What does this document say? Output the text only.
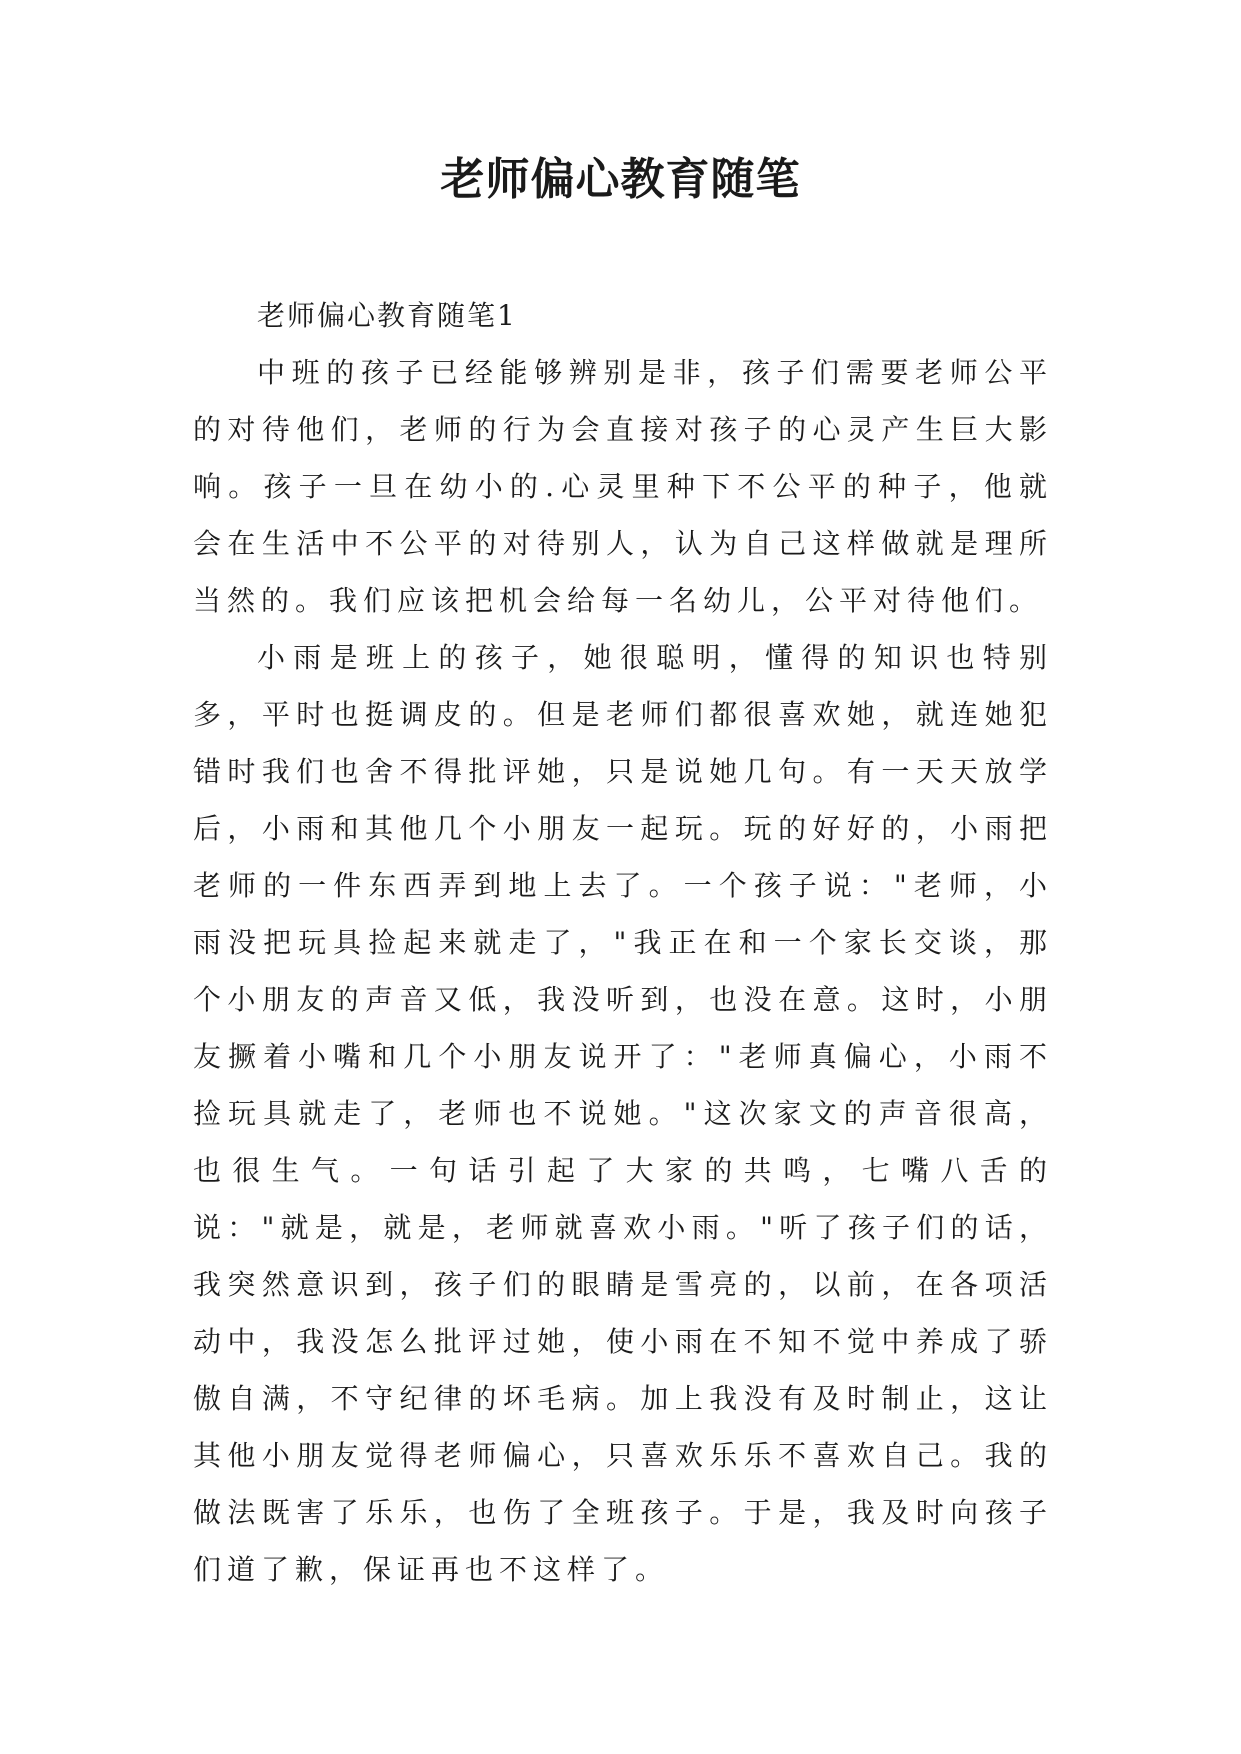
老师偏心教育随笔

老师偏心教育随笔1

中班的孩子已经能够辨别是非，孩子们需要老师公平的对待他们，老师的行为会直接对孩子的心灵产生巨大影响。孩子一旦在幼小的.心灵里种下不公平的种子，他就会在生活中不公平的对待别人，认为自己这样做就是理所当然的。我们应该把机会给每一名幼儿，公平对待他们。

小雨是班上的孩子，她很聪明，懂得的知识也特别多，平时也挺调皮的。但是老师们都很喜欢她，就连她犯错时我们也舍不得批评她，只是说她几句。有一天天放学后，小雨和其他几个小朋友一起玩。玩的好好的，小雨把老师的一件东西弄到地上去了。一个孩子说："老师，小雨没把玩具捡起来就走了，"我正在和一个家长交谈，那个小朋友的声音又低，我没听到，也没在意。这时，小朋友撅着小嘴和几个小朋友说开了："老师真偏心，小雨不捡玩具就走了，老师也不说她。"这次家文的声音很高，也很生气。一句话引起了大家的共鸣，七嘴八舌的说："就是，就是，老师就喜欢小雨。"听了孩子们的话，我突然意识到，孩子们的眼睛是雪亮的，以前，在各项活动中，我没怎么批评过她，使小雨在不知不觉中养成了骄傲自满，不守纪律的坏毛病。加上我没有及时制止，这让其他小朋友觉得老师偏心，只喜欢乐乐不喜欢自己。我的做法既害了乐乐，也伤了全班孩子。于是，我及时向孩子们道了歉，保证再也不这样了。
